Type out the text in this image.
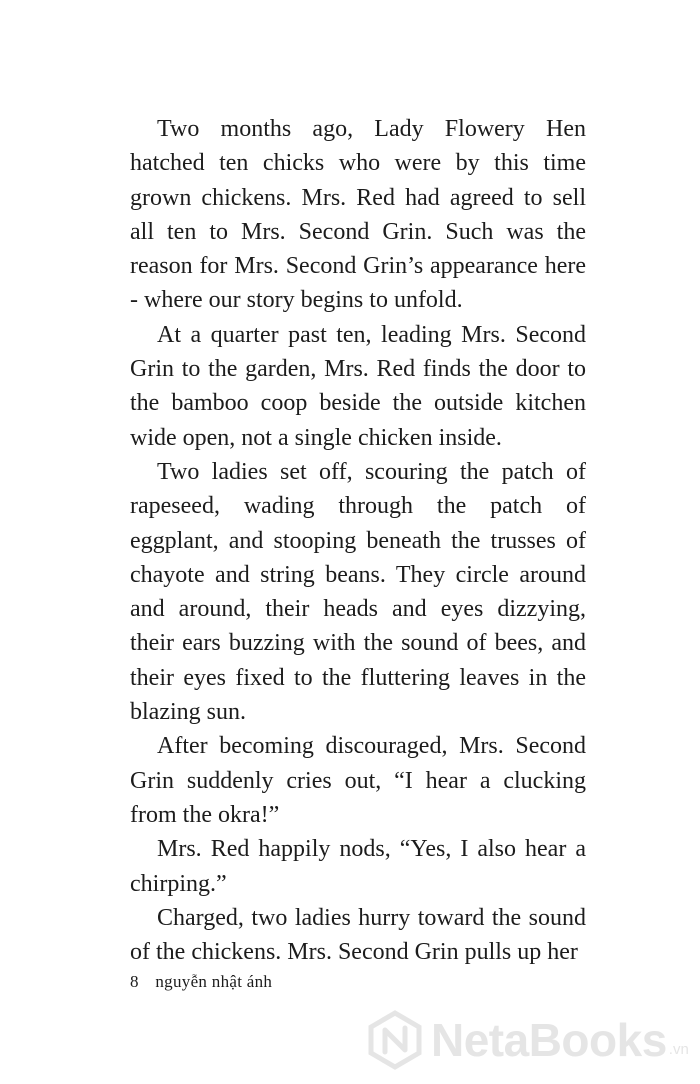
Two months ago, Lady Flowery Hen hatched ten chicks who were by this time grown chickens. Mrs. Red had agreed to sell all ten to Mrs. Second Grin. Such was the reason for Mrs. Second Grin’s appearance here - where our story begins to unfold.

At a quarter past ten, leading Mrs. Second Grin to the garden, Mrs. Red finds the door to the bamboo coop beside the outside kitchen wide open, not a single chicken inside.

Two ladies set off, scouring the patch of rapeseed, wading through the patch of eggplant, and stooping beneath the trusses of chayote and string beans. They circle around and around, their heads and eyes dizzying, their ears buzzing with the sound of bees, and their eyes fixed to the fluttering leaves in the blazing sun.

After becoming discouraged, Mrs. Second Grin suddenly cries out, “I hear a clucking from the okra!”

Mrs. Red happily nods, “Yes, I also hear a chirping.”

Charged, two ladies hurry toward the sound of the chickens. Mrs. Second Grin pulls up her

8 nguyễn nhật ánh
NetaBooks .vn
